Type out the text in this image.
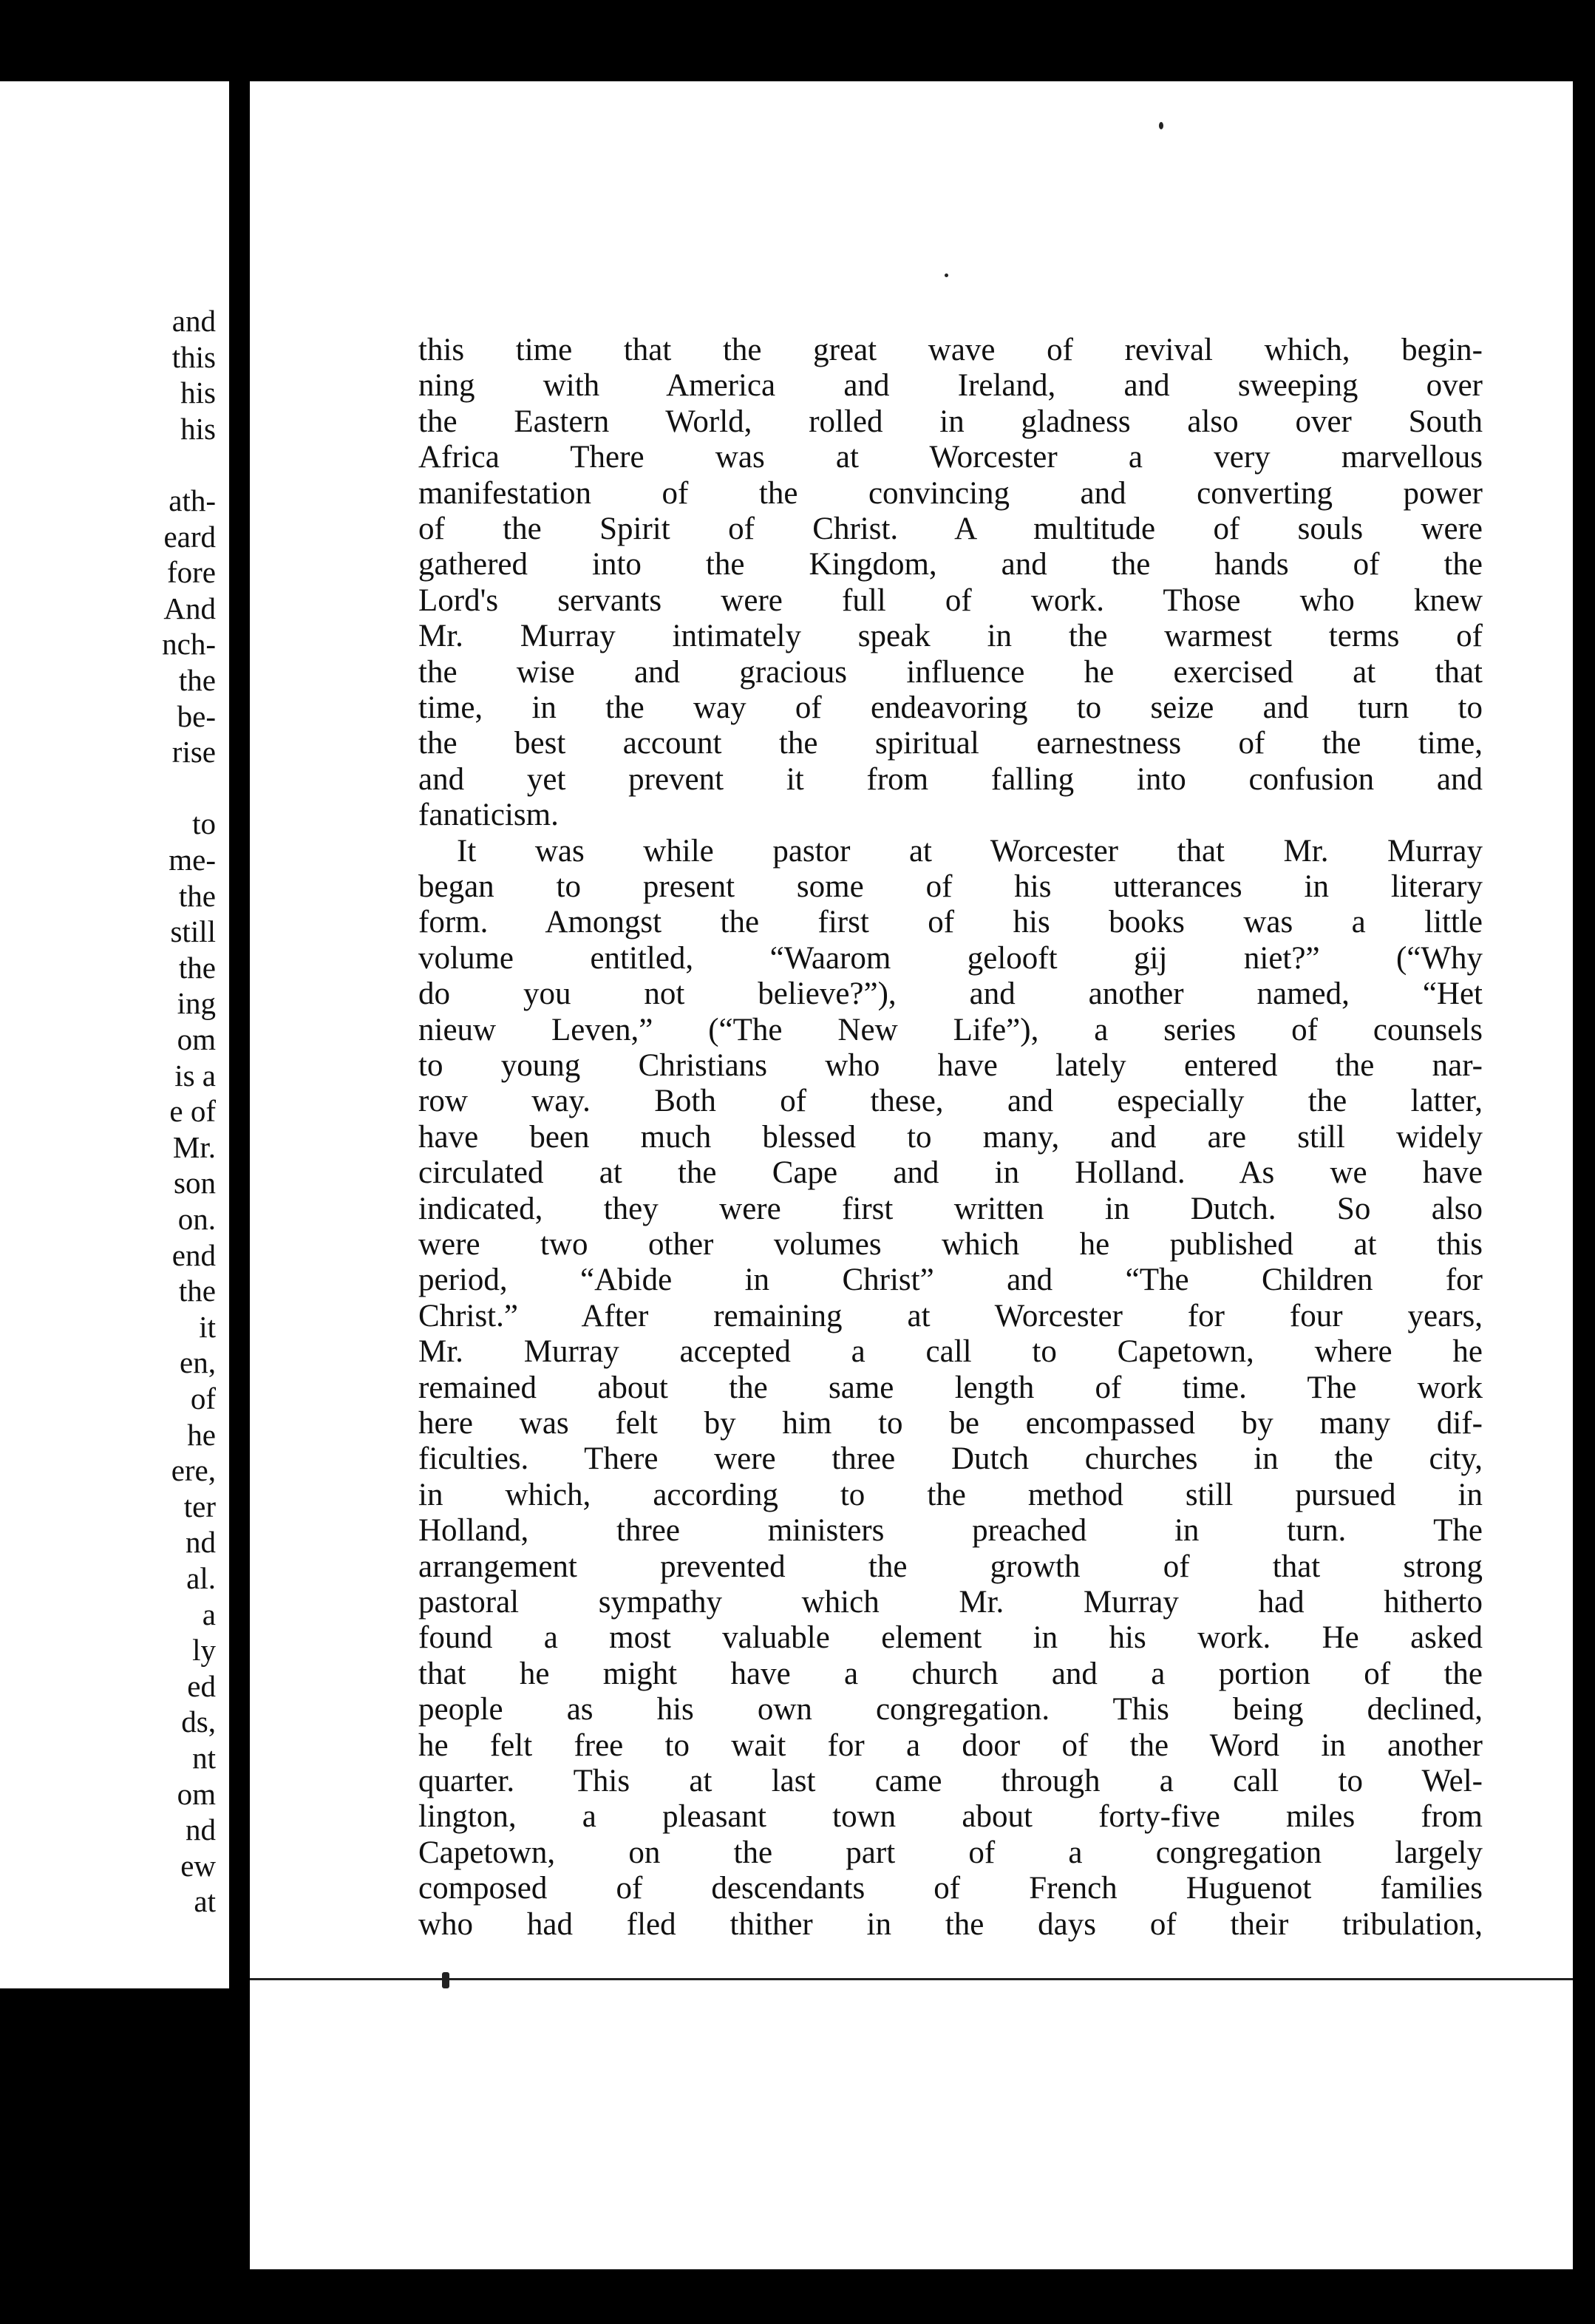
and
this
his
his
ath-
eard
fore
And
nch-
the
be-
rise
to
me-
the
still
the
ing
om
is a
e of
Mr.
son
on.
end
the
it
en,
of
he
ere,
ter
nd
al.
a
ly
ed
ds,
nt
om
nd
ew
at
this time that the great wave of revival which, begin-
ning with America and Ireland, and sweeping over
the Eastern World, rolled in gladness also over South
Africa There was at Worcester a very marvellous
manifestation of the convincing and converting power
of the Spirit of Christ. A multitude of souls were
gathered into the Kingdom, and the hands of the
Lord's servants were full of work. Those who knew
Mr. Murray intimately speak in the warmest terms of
the wise and gracious influence he exercised at that
time, in the way of endeavoring to seize and turn to
the best account the spiritual earnestness of the time,
and yet prevent it from falling into confusion and
fanaticism.
It was while pastor at Worcester that Mr. Murray
began to present some of his utterances in literary
form. Amongst the first of his books was a little
volume entitled, “Waarom gelooft gij niet?” (“Why
do you not believe?”), and another named, “Het
nieuw Leven,” (“The New Life”), a series of counsels
to young Christians who have lately entered the nar-
row way. Both of these, and especially the latter,
have been much blessed to many, and are still widely
circulated at the Cape and in Holland. As we have
indicated, they were first written in Dutch. So also
were two other volumes which he published at this
period, “Abide in Christ” and “The Children for
Christ.” After remaining at Worcester for four years,
Mr. Murray accepted a call to Capetown, where he
remained about the same length of time. The work
here was felt by him to be encompassed by many dif-
ficulties. There were three Dutch churches in the city,
in which, according to the method still pursued in
Holland, three ministers preached in turn. The
arrangement prevented the growth of that strong
pastoral sympathy which Mr. Murray had hitherto
found a most valuable element in his work. He asked
that he might have a church and a portion of the
people as his own congregation. This being declined,
he felt free to wait for a door of the Word in another
quarter. This at last came through a call to Wel-
lington, a pleasant town about forty-five miles from
Capetown, on the part of a congregation largely
composed of descendants of French Huguenot families
who had fled thither in the days of their tribulation,
